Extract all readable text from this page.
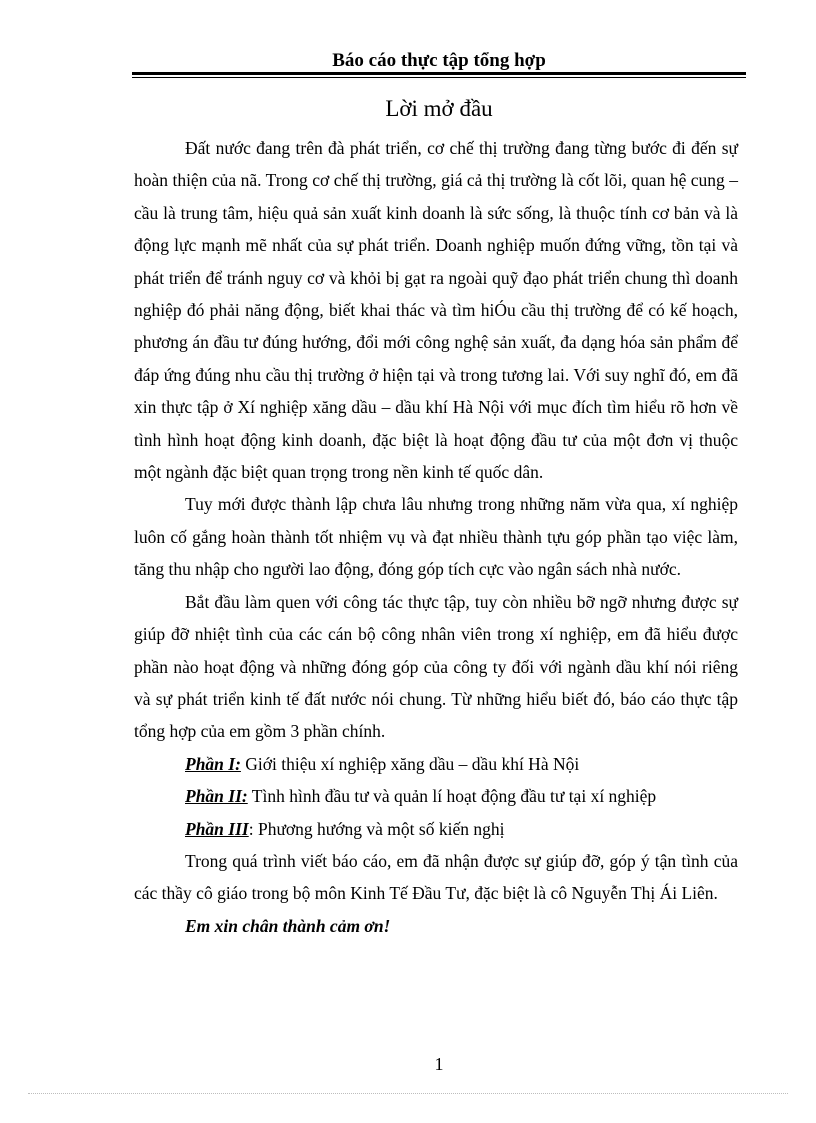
Báo cáo thực tập tổng hợp
Lời mở đầu

Đất nước đang trên đà phát triển, cơ chế thị trường đang từng bước đi đến sự hoàn thiện của nã. Trong cơ chế thị trường, giá cả thị trường là cốt lõi, quan hệ cung – cầu là trung tâm, hiệu quả sản xuất kinh doanh là sức sống, là thuộc tính cơ bản và là động lực mạnh mẽ nhất của sự phát triển. Doanh nghiệp muốn đứng vững, tồn tại và phát triển để tránh nguy cơ và khỏi bị gạt ra ngoài quỹ đạo phát triển chung thì doanh nghiệp đó phải năng động, biết khai thác và tìm hiÓu cầu thị trường để có kế hoạch, phương án đầu tư đúng hướng, đổi mới công nghệ sản xuất, đa dạng hóa sản phẩm để đáp ứng đúng nhu cầu thị trường ở hiện tại và trong tương lai. Với suy nghĩ đó, em đã xin thực tập ở Xí nghiệp xăng dầu – dầu khí Hà Nội với mục đích tìm hiểu rõ hơn về tình hình hoạt động kinh doanh, đặc biệt là hoạt động đầu tư của một đơn vị thuộc một ngành đặc biệt quan trọng trong nền kinh tế quốc dân.

Tuy mới được thành lập chưa lâu nhưng trong những năm vừa qua, xí nghiệp luôn cố gắng hoàn thành tốt nhiệm vụ và đạt nhiều thành tựu góp phần tạo việc làm, tăng thu nhập cho người lao động, đóng góp tích cực vào ngân sách nhà nước.

Bắt đầu làm quen với công tác thực tập, tuy còn nhiều bỡ ngỡ nhưng được sự giúp đỡ nhiệt tình của các cán bộ công nhân viên trong xí nghiệp, em đã hiểu được phần nào hoạt động và những đóng góp của công ty đối với ngành dầu khí nói riêng và sự phát triển kinh tế đất nước nói chung. Từ những hiểu biết đó, báo cáo thực tập tổng hợp của em gồm 3 phần chính.

Phần I: Giới thiệu xí nghiệp xăng dầu – dầu khí Hà Nội

Phần II: Tình hình đầu tư và quản lí hoạt động đầu tư tại xí nghiệp

Phần III: Phương hướng và một số kiến nghị

Trong quá trình viết báo cáo, em đã nhận được sự giúp đỡ, góp ý tận tình của các thầy cô giáo trong bộ môn Kinh Tế Đầu Tư, đặc biệt là cô Nguyễn Thị Ái Liên.

Em xin chân thành cảm ơn!

1
